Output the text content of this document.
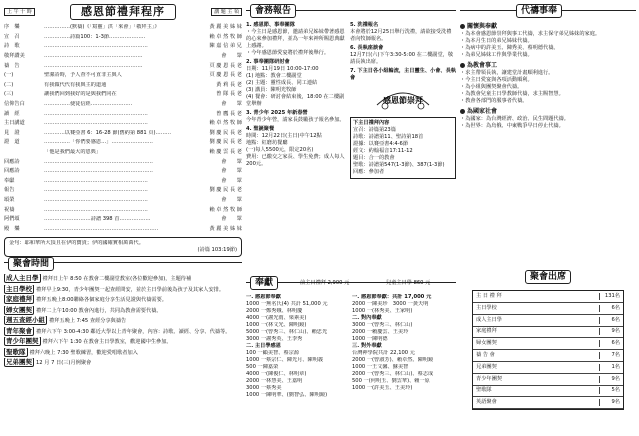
上 午 十 時	感恩節禮拜程序	講 題 主 領
序　樂	……………(默禱)《「寫靈」洪「來會」「敬拜主」》	黃 麗 美 姊 妹
宣　召	……………詩篇100：1-3節…………………	賴 卓 然 牧 師
詩　歌	……………………………………………………	陳 嘉 信 弟 兄
敬拜讚美	…………………………………………………	會　　眾
禱　告	…………………………………………………	頁 慶 恩 長 老
(一)	聖潔詩時，予人查不可直非主與人	頁 慶 恩 長 老
(二)	有我做代代有我與主的道通	黃 莉 長 老
(三)	讓我們回到我好的是與我們同在	曾 隊 長 老
信仰告白	……………使徒信經……………………	會　　眾
讀　經	……………………………………………………	曾 鷹 長 老
主日講道	……………………………………………………	賴 卓 然 牧 師
見　證	…………以賽亞書 6：16-28 節(舊約第 881 頁)………	劉 慶 民 長 老
證　道	……………「你們要感恩…」……………………	劉 慶 民 長 老
「他是我們最大的恩典」	賴 慶 雲 長 老
回應詩	………………………………………………………	會　　眾
回應詩	………………………………………………………	會　　眾
奉獻	……………………………………………………	會　　眾
報告	……………………………………………………	劉 慶 民 長 老
頌榮	……………………………………………………	會　　眾
祝禱	……………………………………………………	賴 卓 然 牧 師
阿們頌	………………………詩譜 398 首………………	會　　眾
殿　樂	…………………………………………………………	黃 麗 美 姊 妹
金句：耶和華所大頂且在伊的寶貴；伊的國確實相萬萬代。
(詩篇 103:19節)
聚會時間
成人主日學 禮拜日上午 8:50 在教會二樓副堂教室(各位歡迎參加)，主題待補
主日學校 禮拜早上9:30，青少年團契一起查經問安，並於主日學前後為孩子及其家人安排。
家庭禮拜 禮拜五晚上8:00聯絡各個家庭分享生活見證與代禱需要。
婦女團契 禮拜二上午10:00 教會內進行，共同為教會需要代禱。
週五查經小組 禮拜五晚上 7:45 查經分享與禱告
青年聚會 禮拜六下午 3:00-4:30 鄰近大學以上青年聚會，內容：詩歌、讀經、分享、代禱等。
青少年團契 禮拜六下午 1:30 在教會主日學教室，歡迎國中生參加。
聖歌隊 禮拜六晚上 7:30 聖歌練習，歡迎愛唱歌者加入
兄弟團契 12 月 7 日(三)月例聚會
會務報告
1. 感恩節、事奉團隊
・今主日是感恩節，邀請弟兄姊妹帶著感恩的心來參加禮拜，並為一年來神所賜恩典獻上感謝。
・今年感恩節愛宴將於禮拜後舉行。
2. 事奉團隊研討會
日期：11月19日 10:00-17:00
(1) 地點：教會二樓副堂
(2) 主題：靈性成長、同工連結
(3) 講員：陳明光牧師
(4) 餐會：研討會結束後，18:00 在二樓副堂舉辦
3. 青少年 2025 年新春營
今年青少年營，請家長鼓勵孩子報名參加。
4. 聖誕聚餐
時間：12月22日(主日)中午12點
地點：紅磨坊餐廳
(一)每人5500元，限定20名)
費用：已繳交之家長、學生免費；成人每人200元。
5. 洗禮報名
本會將於12月25日舉行洗禮，請欲接受洗禮者向牧師報名。
6. 長執座談會
12月7日(六)下午3:30-5:00 在二樓副堂，敬請長執出席。
7. 下主日各小組輪流，主日靈生、小會、長執會
感恩節崇拜
下主日禮拜內容
宣召：詩篇第23篇
詩歌：詩譜第11、聖詩第18首
證據：以賽亞書4:4-6節
經文：約翰福音17:11-12
題目：合一的教會
聖歌：詩譜第547(1-3節)、387(1-3節)
回應：參加者
奉獻	前主日禮拜 2,900 元	兒童主日學 860 元
一. 感恩節奉獻
1000 一無名氏(4) 共計 51,000 元
2000 一鄭秀娥、林明慶
4000 一(謝光雨、梁素美)
1000 一(林文光、陳明鏡)
5000 一(曾秀三、林仁山)、賴忠光
3000 一謝秀英、王李秀
二. 主日學感恩
100 一顧美智、蔡宗源
1000 一蔡宗仁、陳光月、陳明義
500 一陳嘉榮
4000 一(陳俊仁、林明章)
2000 一林慧美、王嘉明
3000 一蔡秀美
1000 一陳明華、(劉智弘、陳明鏡)
一. 感恩節奉獻：共計 17,000 元
2000 一陳美珍　3000 一黃天明
1000 一(林秀美、王家明)
二. 對內奉獻
3000 一(曾秀三、林仁山)
2000 一賴慶雲、王美玲
1000 一陳明德
三. 對外奉獻
台灣神學院共計 22,100 元
2000 一(曾淑芳)、賴卓然、陳明鏡
1000 一王文馨、蘇美智
2000 一(曾秀三、林仁山)、蔡志成
500 一(何明玉、劉雲華)、賴一原
1000 一(許美玉、王美玲)
代禱事奉
關懷與奉獻
・為本會感恩節崇拜與事工代禱，求主保守弟兄姊妹的家庭。
・為本月生日的弟兄姊妹代禱。
・為病中的許美玉、陳秀美、蔡明德代禱。
・為弟兄姊妹工作與學業代禱。
為教會事工
・求主帶領長執，讓建堂計畫順利進行。
・今主日愛宴與各項活動順利。
・為小組與團契聚會代禱。
・為教會兒童主日學教師代禱，求主賜智慧。
・教會各部門的服事者代禱。
為國家社會
・為國家：為台灣經濟、政治、民生問題代禱。
・為世界：為烏俄、中東戰爭早日停止代禱。
聚會出席
主 日 禮 拜	131名
主日學校	6名
成人主日學	6名
家庭禮拜	9名
婦女團契	6名
禱 告 會	7名
兄弟團契	1名
青少年團契	9名
聖歌隊	5名
英語聚會	9名
